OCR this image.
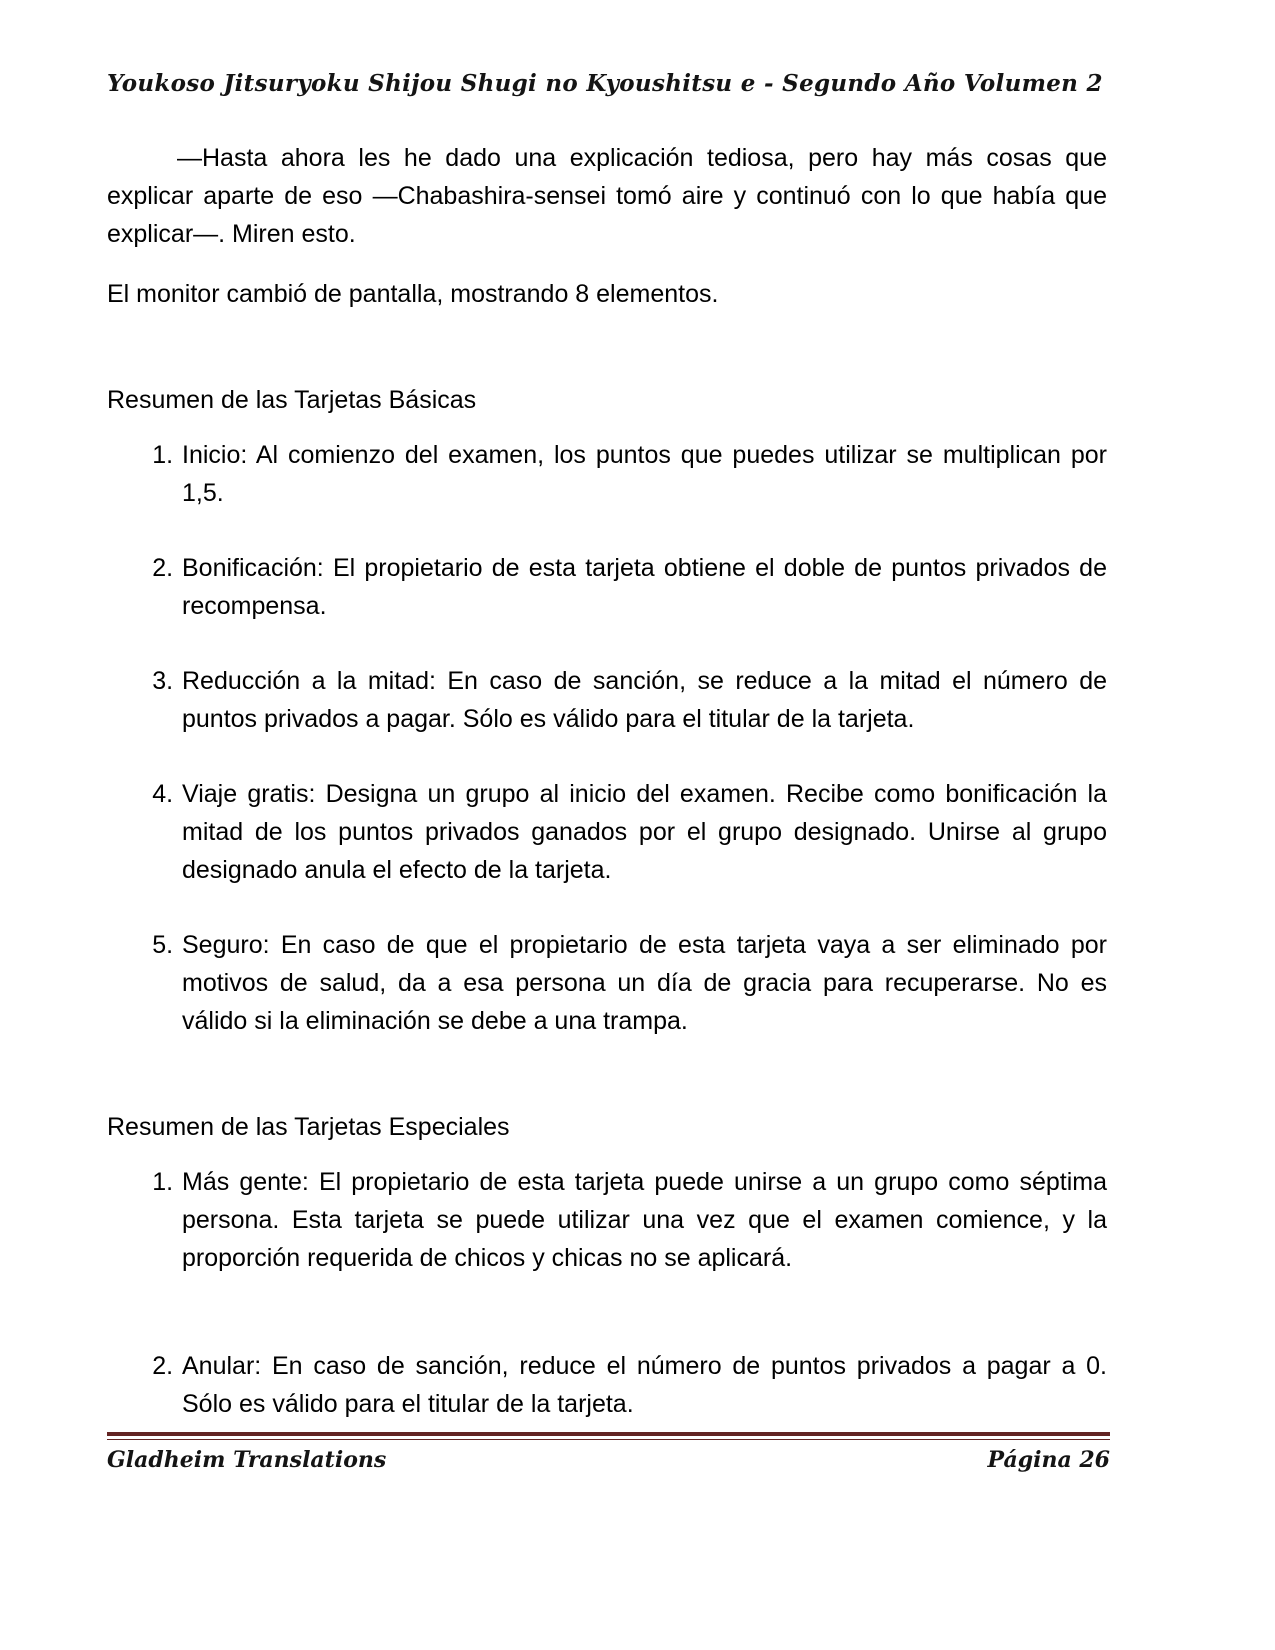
Youkoso Jitsuryoku Shijou Shugi no Kyoushitsu e - Segundo Año Volumen 2

—Hasta ahora les he dado una explicación tediosa, pero hay más cosas que explicar aparte de eso —Chabashira-sensei tomó aire y continuó con lo que había que explicar—. Miren esto.

El monitor cambió de pantalla, mostrando 8 elementos.

Resumen de las Tarjetas Básicas

1. Inicio: Al comienzo del examen, los puntos que puedes utilizar se multiplican por 1,5.
2. Bonificación: El propietario de esta tarjeta obtiene el doble de puntos privados de recompensa.
3. Reducción a la mitad: En caso de sanción, se reduce a la mitad el número de puntos privados a pagar. Sólo es válido para el titular de la tarjeta.
4. Viaje gratis: Designa un grupo al inicio del examen. Recibe como bonificación la mitad de los puntos privados ganados por el grupo designado. Unirse al grupo designado anula el efecto de la tarjeta.
5. Seguro: En caso de que el propietario de esta tarjeta vaya a ser eliminado por motivos de salud, da a esa persona un día de gracia para recuperarse. No es válido si la eliminación se debe a una trampa.

Resumen de las Tarjetas Especiales

1. Más gente: El propietario de esta tarjeta puede unirse a un grupo como séptima persona. Esta tarjeta se puede utilizar una vez que el examen comience, y la proporción requerida de chicos y chicas no se aplicará.
2. Anular: En caso de sanción, reduce el número de puntos privados a pagar a 0. Sólo es válido para el titular de la tarjeta.
Gladheim Translations	Página 26
